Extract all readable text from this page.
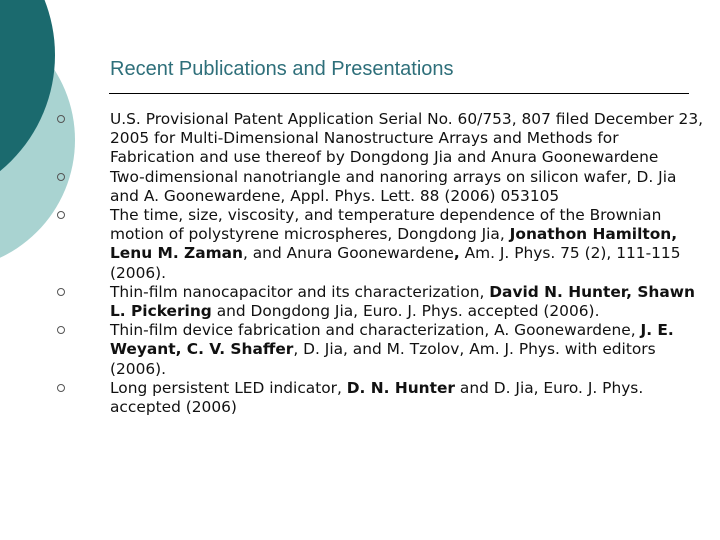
Recent Publications and Presentations
U.S. Provisional Patent Application Serial No. 60/753, 807 filed December 23, 2005 for Multi-Dimensional Nanostructure Arrays and Methods for Fabrication and use thereof by Dongdong Jia and Anura Goonewardene
Two-dimensional nanotriangle and nanoring arrays on silicon wafer, D. Jia and A. Goonewardene, Appl. Phys. Lett. 88 (2006) 053105
The time, size, viscosity, and temperature dependence of the Brownian motion of polystyrene microspheres, Dongdong Jia, Jonathon Hamilton, Lenu M. Zaman, and Anura Goonewardene, Am. J. Phys. 75 (2), 111-115 (2006).
Thin-film nanocapacitor and its characterization, David N. Hunter, Shawn L. Pickering and Dongdong Jia, Euro. J. Phys. accepted (2006).
Thin-film device fabrication and characterization, A. Goonewardene, J. E. Weyant, C. V. Shaffer, D. Jia, and M. Tzolov, Am. J. Phys. with editors (2006).
Long persistent LED indicator, D. N. Hunter and D. Jia, Euro. J. Phys. accepted (2006)
